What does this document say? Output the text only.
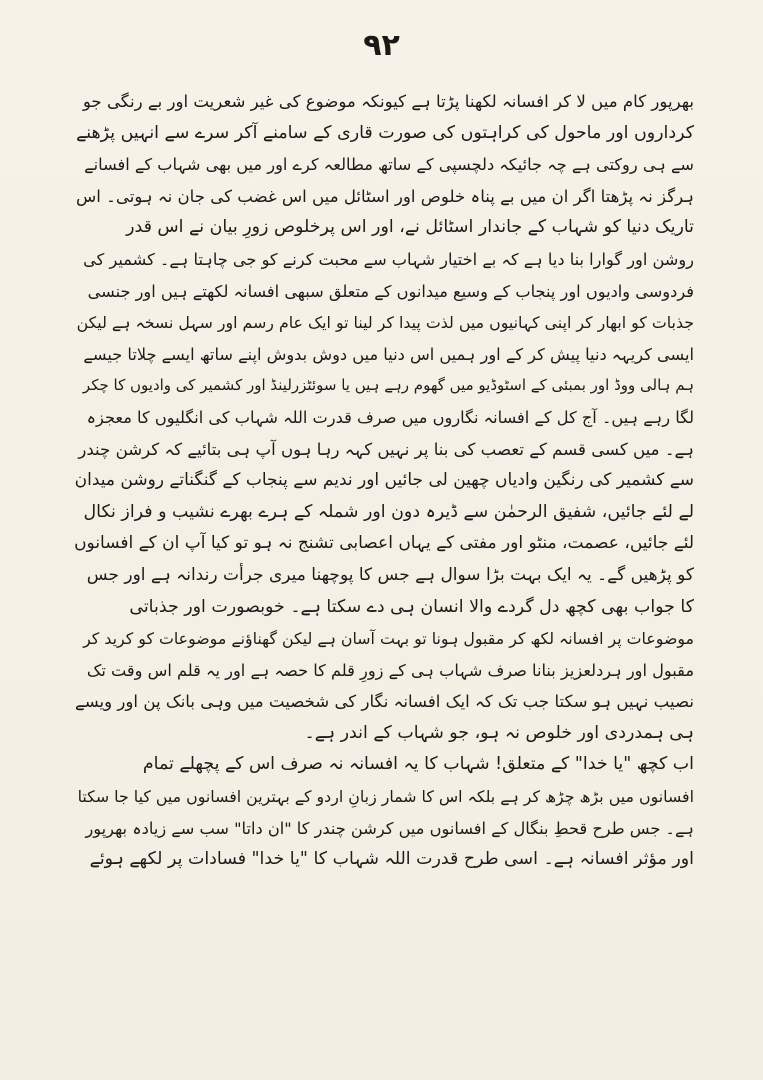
۹۲
بھرپور کام میں لا کر افسانہ لکھنا پڑتا ہے کیونکہ موضوع کی غیر شعریت اور بے رنگی جو
کرداروں اور ماحول کی کراہتوں کی صورت قاری کے سامنے آکر سرے سے انہیں پڑھنے
سے ہی روکتی ہے چہ جائیکہ دلچسپی کے ساتھ مطالعہ کرے اور میں بھی شہاب کے افسانے
ہرگز نہ پڑھتا اگر ان میں بے پناہ خلوص اور اسٹائل میں اس غضب کی جان نہ ہوتی۔ اس
تاریک دنیا کو شہاب کے جاندار اسٹائل نے، اور اس پرخلوص زورِ بیان نے اس قدر
روشن اور گوارا بنا دیا ہے کہ بے اختیار شہاب سے محبت کرنے کو جی چاہتا ہے۔ کشمیر کی
فردوسی وادیوں اور پنجاب کے وسیع میدانوں کے متعلق سبھی افسانہ لکھتے ہیں اور جنسی
جذبات کو ابھار کر اپنی کہانیوں میں لذت پیدا کر لینا تو ایک عام رسم اور سہل نسخہ ہے لیکن
ایسی کریہہ دنیا پیش کر کے اور ہمیں اس دنیا میں دوش بدوش اپنے ساتھ ایسے چلاتا جیسے
ہم ہالی ووڈ اور بمبئی کے اسٹوڈیو میں گھوم رہے ہیں یا سوئٹزرلینڈ اور کشمیر کی وادیوں کا چکر
لگا رہے ہیں۔ آج کل کے افسانہ نگاروں میں صرف قدرت اللہ شہاب کی انگلیوں کا معجزہ
ہے۔ میں کسی قسم کے تعصب کی بنا پر نہیں کہہ رہا ہوں آپ ہی بتائیے کہ کرشن چندر
سے کشمیر کی رنگین وادیاں چھین لی جائیں اور ندیم سے پنجاب کے گنگناتے روشن میدان
لے لئے جائیں، شفیق الرحمٰن سے ڈیرہ دون اور شملہ کے ہرے بھرے نشیب و فراز نکال
لئے جائیں، عصمت، منٹو اور مفتی کے یہاں اعصابی تشنج نہ ہو تو کیا آپ ان کے افسانوں
کو پڑھیں گے۔ یہ ایک بہت بڑا سوال ہے جس کا پوچھنا میری جرأت رندانہ ہے اور جس
کا جواب بھی کچھ دل گردے والا انسان ہی دے سکتا ہے۔ خوبصورت اور جذباتی
موضوعات پر افسانہ لکھ کر مقبول ہونا تو بہت آسان ہے لیکن گھناؤنے موضوعات کو کرید کر
مقبول اور ہردلعزیز بنانا صرف شہاب ہی کے زورِ قلم کا حصہ ہے اور یہ قلم اس وقت تک
نصیب نہیں ہو سکتا جب تک کہ ایک افسانہ نگار کی شخصیت میں وہی بانک پن اور ویسے
ہی ہمدردی اور خلوص نہ ہو، جو شہاب کے اندر ہے۔
اب کچھ "یا خدا" کے متعلق! شہاب کا یہ افسانہ نہ صرف اس کے پچھلے تمام
افسانوں میں بڑھ چڑھ کر ہے بلکہ اس کا شمار زبانِ اردو کے بہترین افسانوں میں کیا جا سکتا
ہے۔ جس طرح قحطِ بنگال کے افسانوں میں کرشن چندر کا "ان داتا" سب سے زیادہ بھرپور
اور مؤثر افسانہ ہے۔ اسی طرح قدرت اللہ شہاب کا "یا خدا" فسادات پر لکھے ہوئے
